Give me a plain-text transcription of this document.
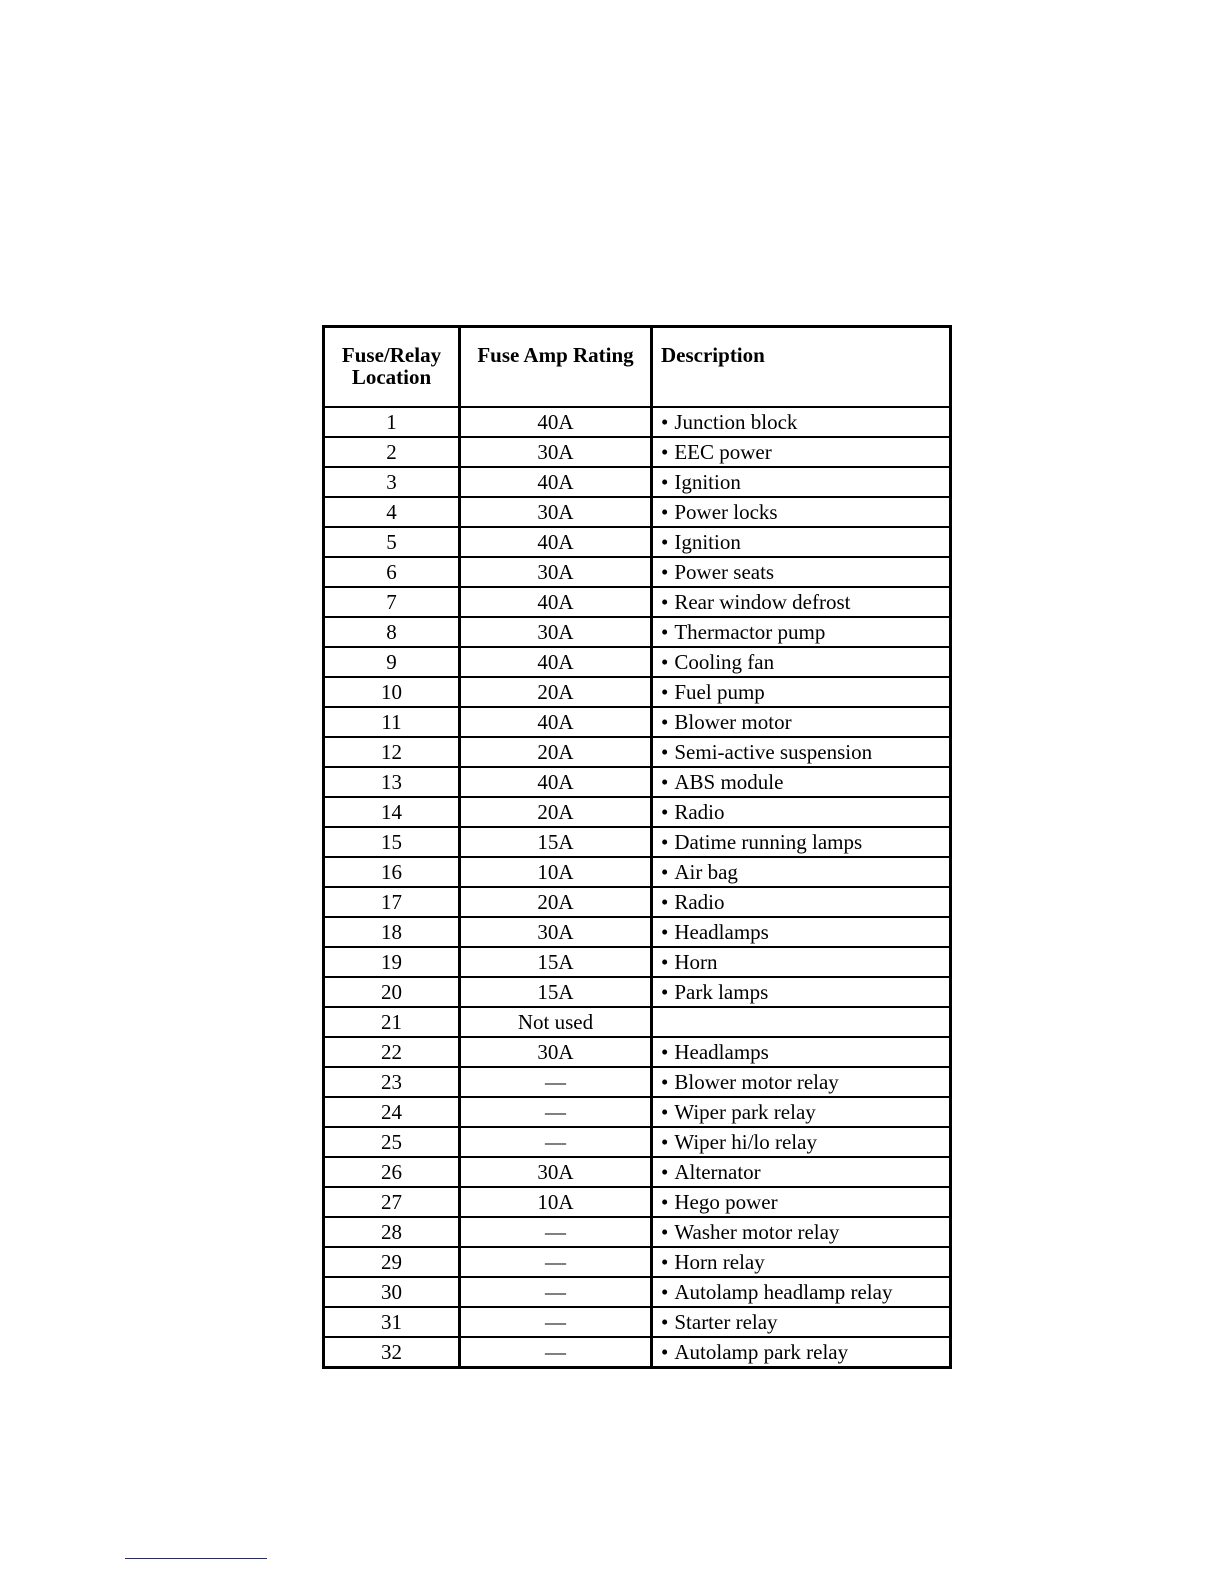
Fuse/Relay
Location	Fuse Amp Rating	Description
1	40A	• Junction block
2	30A	• EEC power
3	40A	• Ignition
4	30A	• Power locks
5	40A	• Ignition
6	30A	• Power seats
7	40A	• Rear window defrost
8	30A	• Thermactor pump
9	40A	• Cooling fan
10	20A	• Fuel pump
11	40A	• Blower motor
12	20A	• Semi-active suspension
13	40A	• ABS module
14	20A	• Radio
15	15A	• Datime running lamps
16	10A	• Air bag
17	20A	• Radio
18	30A	• Headlamps
19	15A	• Horn
20	15A	• Park lamps
21	Not used	
22	30A	• Headlamps
23	—	• Blower motor relay
24	—	• Wiper park relay
25	—	• Wiper hi/lo relay
26	30A	• Alternator
27	10A	• Hego power
28	—	• Washer motor relay
29	—	• Horn relay
30	—	• Autolamp headlamp relay
31	—	• Starter relay
32	—	• Autolamp park relay
